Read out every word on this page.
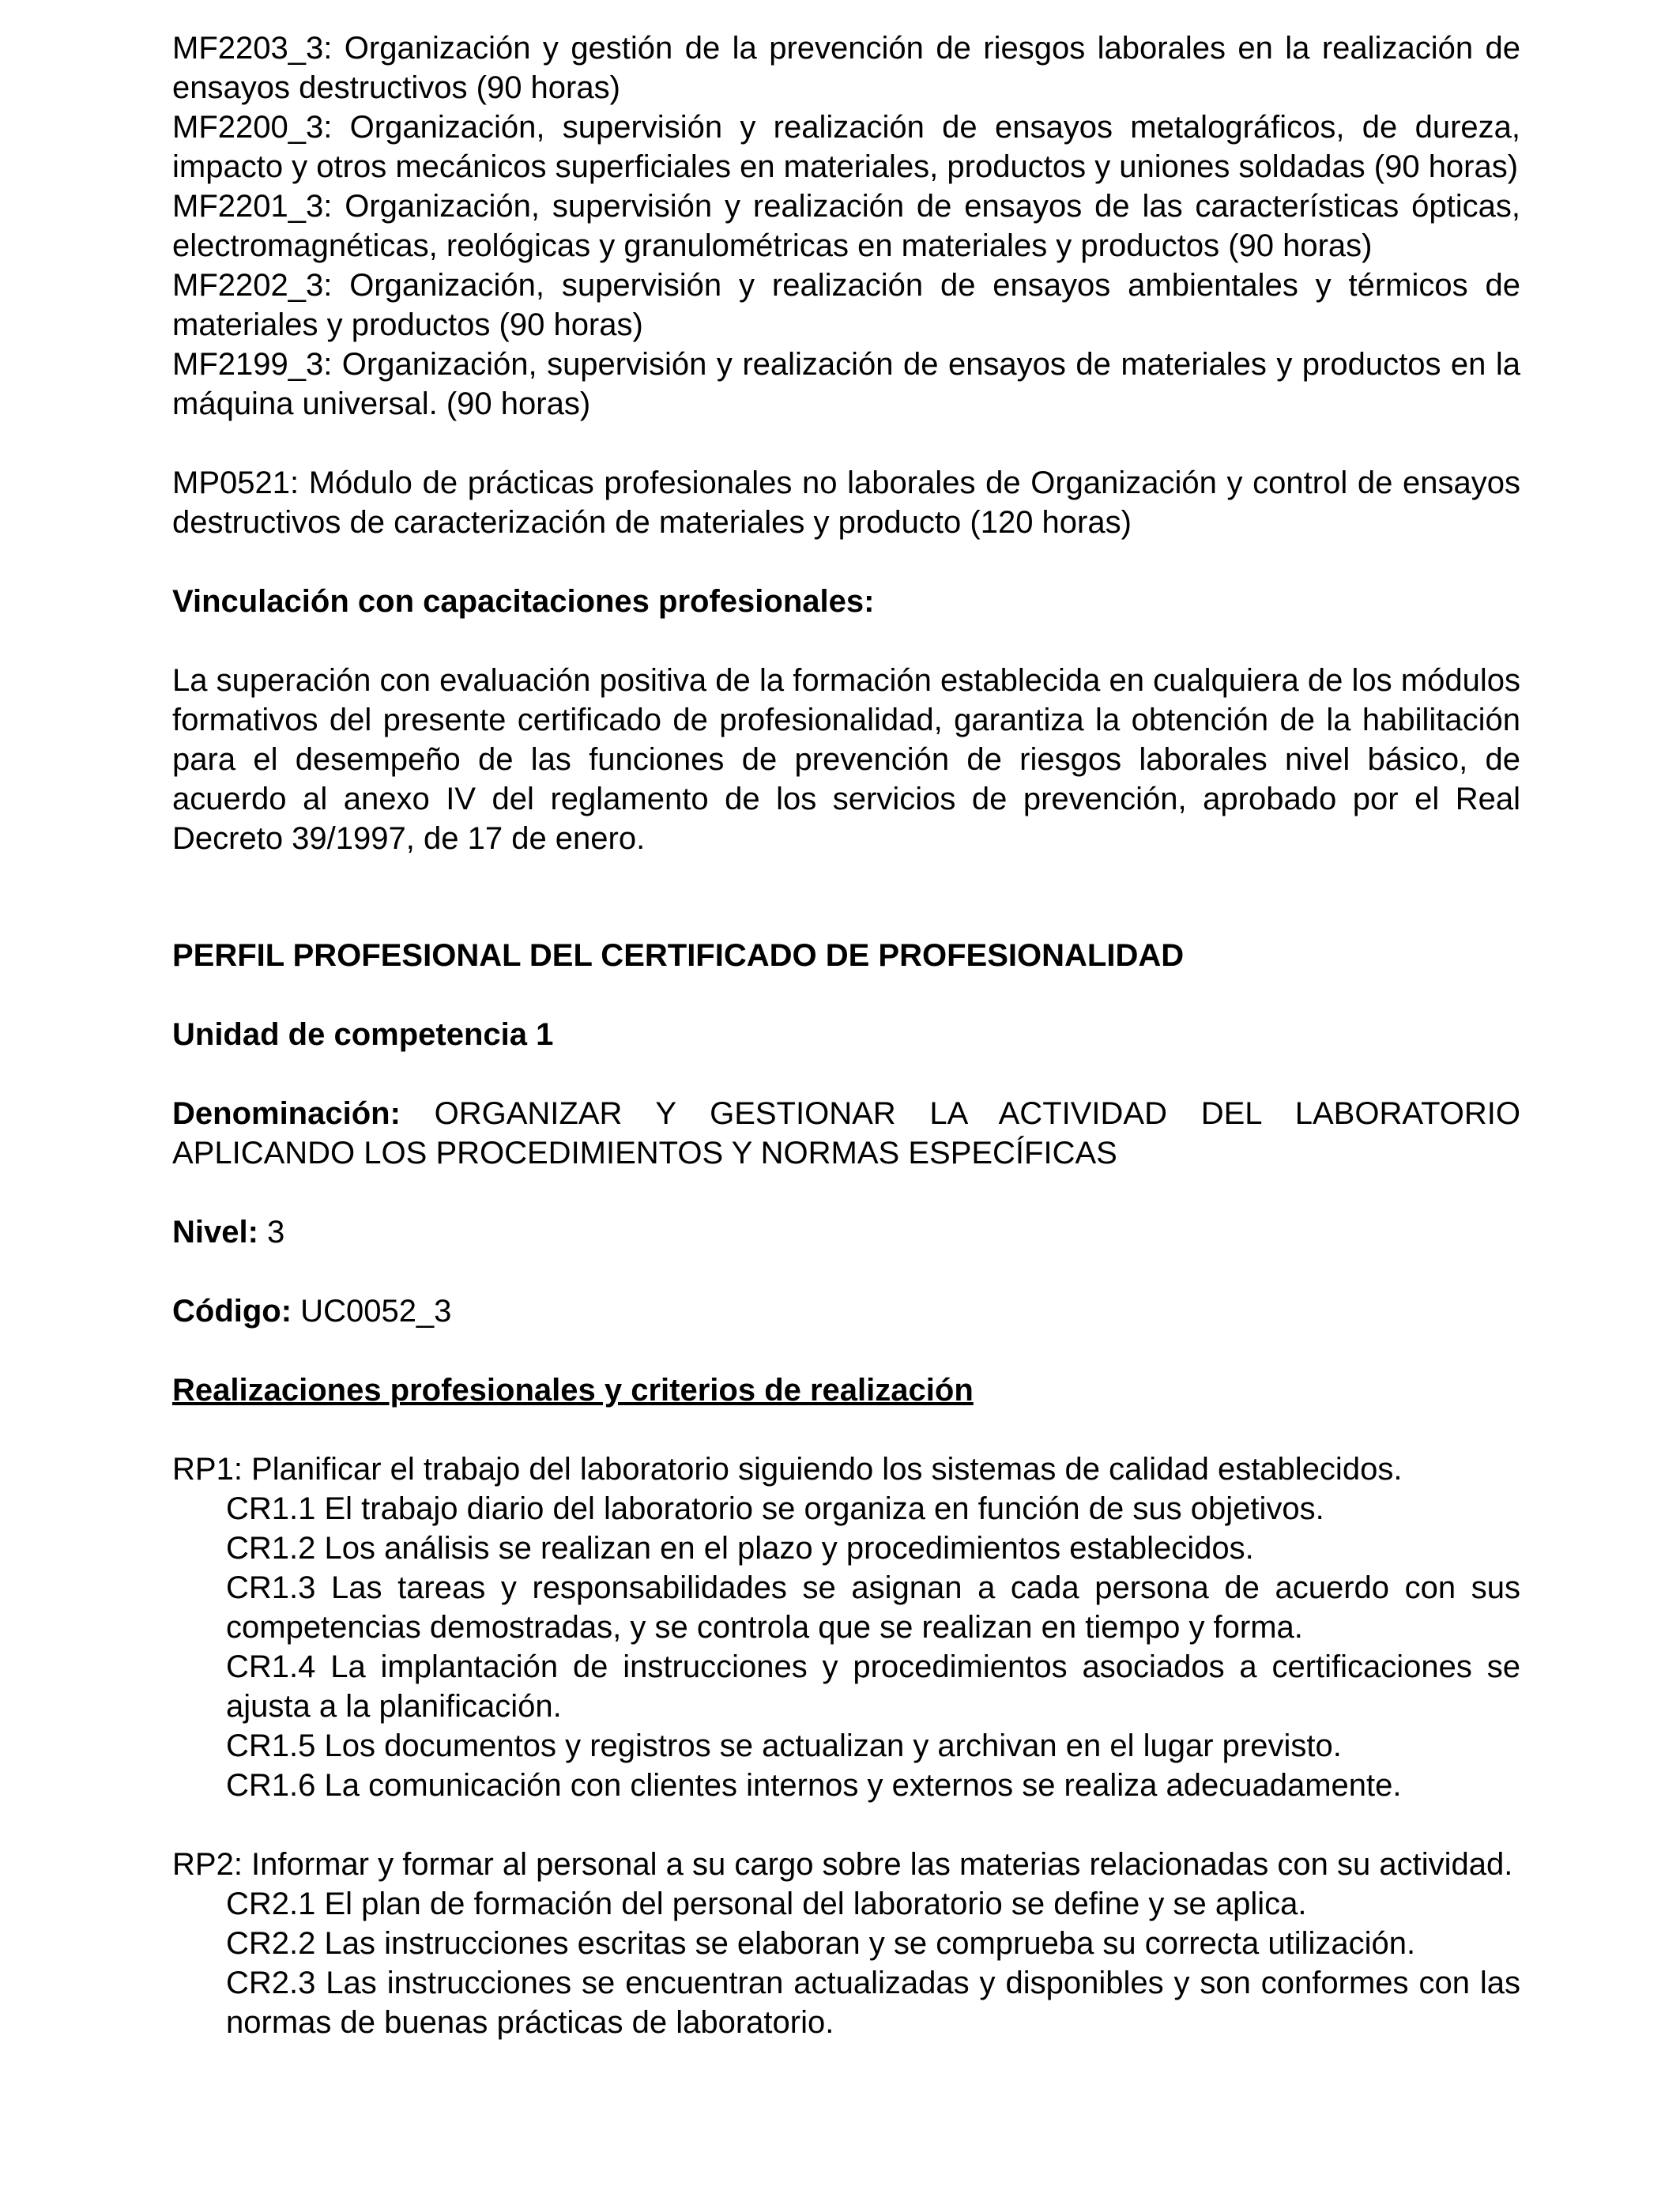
MF2203_3: Organización y gestión de la prevención de riesgos laborales en la realización de ensayos destructivos (90 horas)

MF2200_3: Organización, supervisión y realización de ensayos metalográficos, de dureza, impacto y otros mecánicos superficiales en materiales, productos y uniones soldadas (90 horas)

MF2201_3: Organización, supervisión y realización de ensayos de las características ópticas, electromagnéticas, reológicas y granulométricas en materiales y productos (90 horas)

MF2202_3: Organización, supervisión y realización de ensayos ambientales y térmicos de materiales y productos (90 horas)

MF2199_3: Organización, supervisión y realización de ensayos de materiales y productos en la máquina universal. (90 horas)

MP0521: Módulo de prácticas profesionales no laborales de Organización y control de ensayos destructivos de caracterización de materiales y producto (120 horas)

Vinculación con capacitaciones profesionales:

La superación con evaluación positiva de la formación establecida en cualquiera de los módulos formativos del presente certificado de profesionalidad, garantiza la obtención de la habilitación para el desempeño de las funciones de prevención de riesgos laborales nivel básico, de acuerdo al anexo IV del reglamento de los servicios de prevención, aprobado por el Real Decreto 39/1997, de 17 de enero.

PERFIL PROFESIONAL DEL CERTIFICADO DE PROFESIONALIDAD

Unidad de competencia 1

Denominación: ORGANIZAR Y GESTIONAR LA ACTIVIDAD DEL LABORATORIO APLICANDO LOS PROCEDIMIENTOS Y NORMAS ESPECÍFICAS

Nivel: 3

Código: UC0052_3

Realizaciones profesionales y criterios de realización

RP1: Planificar el trabajo del laboratorio siguiendo los sistemas de calidad establecidos.

CR1.1 El trabajo diario del laboratorio se organiza en función de sus objetivos.

CR1.2 Los análisis se realizan en el plazo y procedimientos establecidos.

CR1.3 Las tareas y responsabilidades se asignan a cada persona de acuerdo con sus competencias demostradas, y se controla que se realizan en tiempo y forma.

CR1.4 La implantación de instrucciones y procedimientos asociados a certificaciones se ajusta a la planificación.

CR1.5 Los documentos y registros se actualizan y archivan en el lugar previsto.

CR1.6 La comunicación con clientes internos y externos se realiza adecuadamente.

RP2: Informar y formar al personal a su cargo sobre las materias relacionadas con su actividad.

CR2.1 El plan de formación del personal del laboratorio se define y se aplica.

CR2.2 Las instrucciones escritas se elaboran y se comprueba su correcta utilización.

CR2.3 Las instrucciones se encuentran actualizadas y disponibles y son conformes con las normas de buenas prácticas de laboratorio.
